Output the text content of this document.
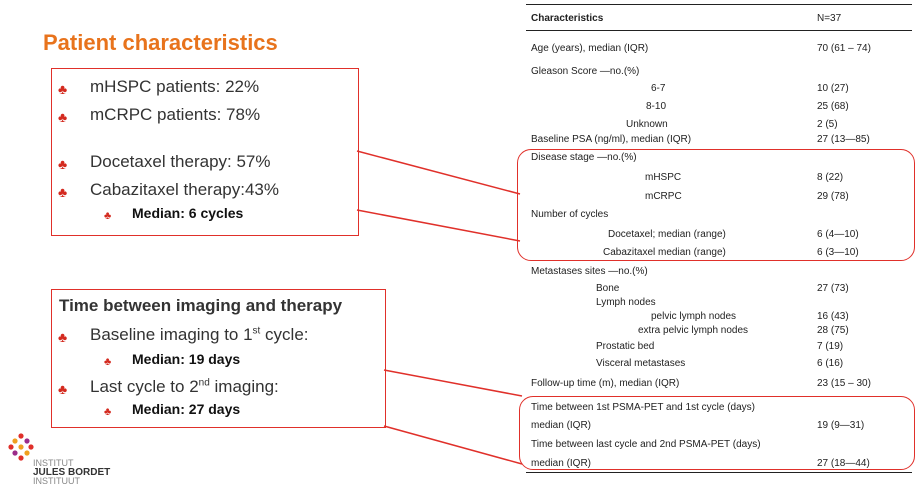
Patient characteristics
♣ mHSPC patients: 22%
♣ mCRPC patients: 78%
♣ Docetaxel therapy: 57%
♣ Cabazitaxel therapy:43%
♣ Median: 6 cycles
Time between imaging and therapy
♣ Baseline imaging to 1st cycle:
♣ Median: 19 days
♣ Last cycle to 2nd imaging:
♣ Median: 27 days
INSTITUT
JULES BORDET
INSTITUUT
Characteristics	N=37
Age (years), median (IQR)	70 (61 – 74)
Gleason Score —no.(%)
6-7	10 (27)
8-10	25 (68)
Unknown	2 (5)
Baseline PSA (ng/ml), median (IQR)	27 (13—85)
Disease stage —no.(%)
mHSPC	8 (22)
mCRPC	29 (78)
Number of cycles
Docetaxel; median (range)	6 (4—10)
Cabazitaxel median (range)	6 (3—10)
Metastases sites —no.(%)
Bone	27 (73)
Lymph nodes
pelvic lymph nodes	16 (43)
extra pelvic lymph nodes	28 (75)
Prostatic bed	7 (19)
Visceral metastases	6 (16)
Follow-up time (m), median (IQR)	23 (15 – 30)
Time between 1st PSMA-PET and 1st cycle (days)
median (IQR)	19 (9—31)
Time between last cycle and 2nd PSMA-PET (days)
median (IQR)	27 (18—44)
